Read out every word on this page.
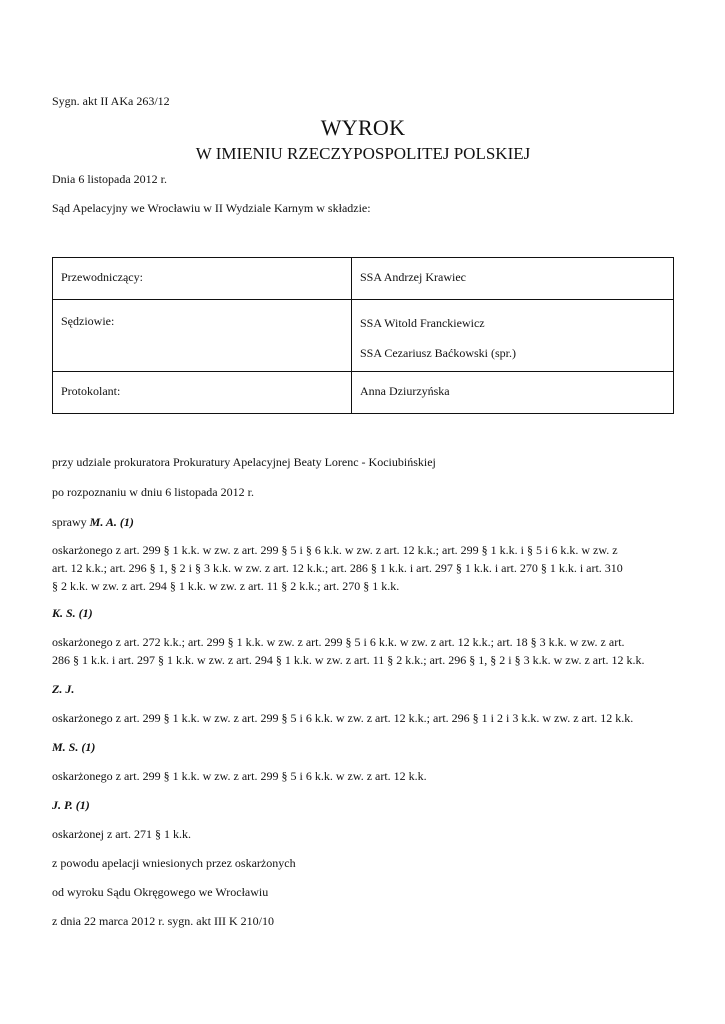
Sygn. akt II AKa 263/12
WYROK
W IMIENIU RZECZYPOSPOLITEJ POLSKIEJ
Dnia 6 listopada 2012 r.
Sąd Apelacyjny we Wrocławiu w II Wydziale Karnym w składzie:
Przewodniczący:	SSA Andrzej Krawiec
Sędziowie:	SSA Witold Franckiewicz
SSA Cezariusz Baćkowski (spr.)

Protokolant:	Anna Dziurzyńska
przy udziale prokuratora Prokuratury Apelacyjnej Beaty Lorenc - Kociubińskiej
po rozpoznaniu w dniu 6 listopada 2012 r.
sprawy M. A. (1)
oskarżonego z art. 299 § 1 k.k. w zw. z art. 299 § 5 i § 6 k.k. w zw. z art. 12 k.k.; art. 299 § 1 k.k. i § 5 i 6 k.k. w zw. z
art. 12 k.k.; art. 296 § 1, § 2 i § 3 k.k. w zw. z art. 12 k.k.; art. 286 § 1 k.k. i art. 297 § 1 k.k. i art. 270 § 1 k.k. i art. 310
§ 2 k.k. w zw. z art. 294 § 1 k.k. w zw. z art. 11 § 2 k.k.; art. 270 § 1 k.k.
K. S. (1)
oskarżonego z art. 272 k.k.; art. 299 § 1 k.k. w zw. z art. 299 § 5 i 6 k.k. w zw. z art. 12 k.k.; art. 18 § 3 k.k. w zw. z art.
286 § 1 k.k. i art. 297 § 1 k.k. w zw. z art. 294 § 1 k.k. w zw. z art. 11 § 2 k.k.; art. 296 § 1, § 2 i § 3 k.k. w zw. z art. 12 k.k.
Z. J.
oskarżonego z art. 299 § 1 k.k. w zw. z art. 299 § 5 i 6 k.k. w zw. z art. 12 k.k.; art. 296 § 1 i 2 i 3 k.k. w zw. z art. 12 k.k.
M. S. (1)
oskarżonego z art. 299 § 1 k.k. w zw. z art. 299 § 5 i 6 k.k. w zw. z art. 12 k.k.
J. P. (1)
oskarżonej z art. 271 § 1 k.k.
z powodu apelacji wniesionych przez oskarżonych
od wyroku Sądu Okręgowego we Wrocławiu
z dnia 22 marca 2012 r. sygn. akt III K 210/10
